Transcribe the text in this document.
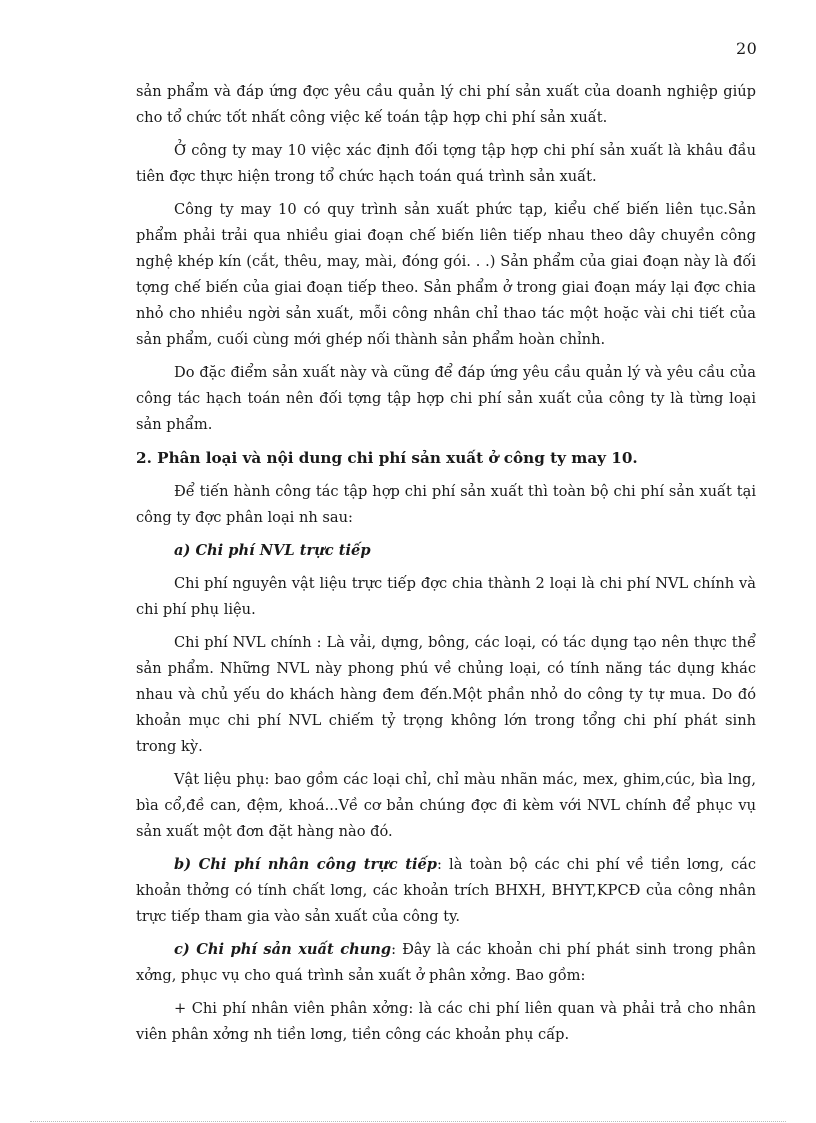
20

sản phẩm và đáp ứng đợc yêu cầu quản lý chi phí sản xuất của doanh nghiệp giúp cho tổ chức tốt nhất công việc kế toán tập hợp chi phí sản xuất.

Ở công ty may 10 việc xác định đối tợng tập hợp chi phí sản xuất là khâu đầu tiên đợc thực hiện trong tổ chức hạch toán quá trình sản xuất.

Công ty may 10 có quy trình sản xuất phức tạp, kiểu chế biến liên tục.Sản phẩm phải trải qua nhiều giai đoạn chế biến liên tiếp nhau theo dây chuyền công nghệ khép kín (cắt, thêu, may, mài, đóng gói. . .) Sản phẩm của giai đoạn này là đối tợng chế biến của giai đoạn tiếp theo. Sản phẩm ở trong giai đoạn máy lại đợc chia nhỏ cho nhiều ngời sản xuất, mỗi công nhân chỉ thao tác một hoặc vài chi tiết của sản phẩm, cuối cùng mới ghép nối thành sản phẩm hoàn chỉnh.

Do đặc điểm sản xuất này và cũng để đáp ứng yêu cầu quản lý và yêu cầu của công tác hạch toán nên đối tợng tập hợp chi phí sản xuất của công ty là từng loại sản phẩm.

2. Phân loại và nội dung chi phí sản xuất ở công ty may 10.

Để tiến hành công tác tập hợp chi phí sản xuất thì toàn bộ chi phí sản xuất tại công ty đợc phân loại nh sau:

a) Chi phí NVL trực tiếp

Chi phí nguyên vật liệu trực tiếp đợc chia thành 2 loại là chi phí NVL chính và chi phí phụ liệu.

Chi phí NVL chính : Là vải, dựng, bông, các loại, có tác dụng tạo nên thực thể sản phẩm. Những NVL này phong phú về chủng loại, có tính năng tác dụng khác nhau và chủ yếu do khách hàng đem đến.Một phần nhỏ do công ty tự mua. Do đó khoản mục chi phí NVL chiếm tỷ trọng không lớn trong tổng chi phí phát sinh trong kỳ.

Vật liệu phụ: bao gồm các loại chỉ, chỉ màu nhãn mác, mex, ghim,cúc, bìa lng, bìa cổ,đề can, đệm, khoá...Về cơ bản chúng đợc đi kèm với NVL chính để phục vụ sản xuất một đơn đặt hàng nào đó.

b) Chi phí nhân công trực tiếp: là toàn bộ các chi phí về tiền lơng, các khoản thởng có tính chất lơng, các khoản trích BHXH, BHYT,KPCĐ của công nhân trực tiếp tham gia vào sản xuất của công ty.

c) Chi phí sản xuất chung: Đây là các khoản chi phí phát sinh trong phân xởng, phục vụ cho quá trình sản xuất ở phân xởng. Bao gồm:

+ Chi phí nhân viên phân xởng: là các chi phí liên quan và phải trả cho nhân viên phân xởng nh tiền lơng, tiền công các khoản phụ cấp.
